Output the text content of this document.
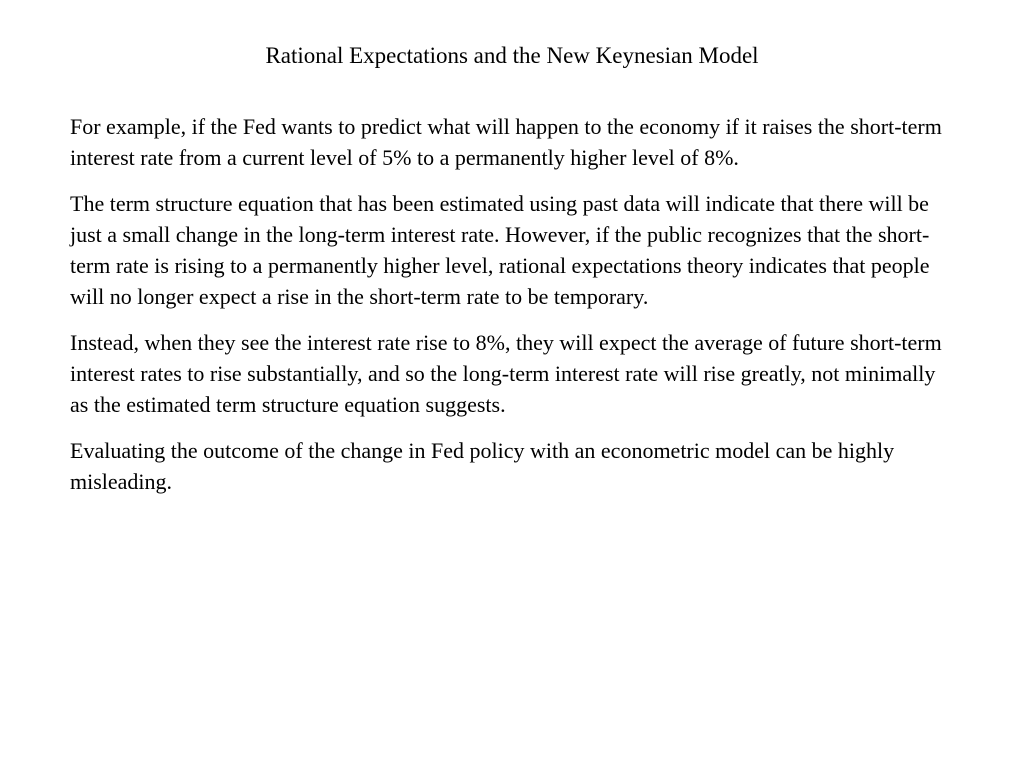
Rational Expectations and the New Keynesian Model

For example, if the Fed wants to predict what will happen to the economy if it raises the short-term interest rate from a current level of 5% to a permanently higher level of 8%.

The term structure equation that has been estimated using past data will indicate that there will be just a small change in the long-term interest rate. However, if the public recognizes that the short-term rate is rising to a permanently higher level, rational expectations theory indicates that people will no longer expect a rise in the short-term rate to be temporary.

Instead, when they see the interest rate rise to 8%, they will expect the average of future short-term interest rates to rise substantially, and so the long-term interest rate will rise greatly, not minimally as the estimated term structure equation suggests.

Evaluating the outcome of the change in Fed policy with an econometric model can be highly misleading.
